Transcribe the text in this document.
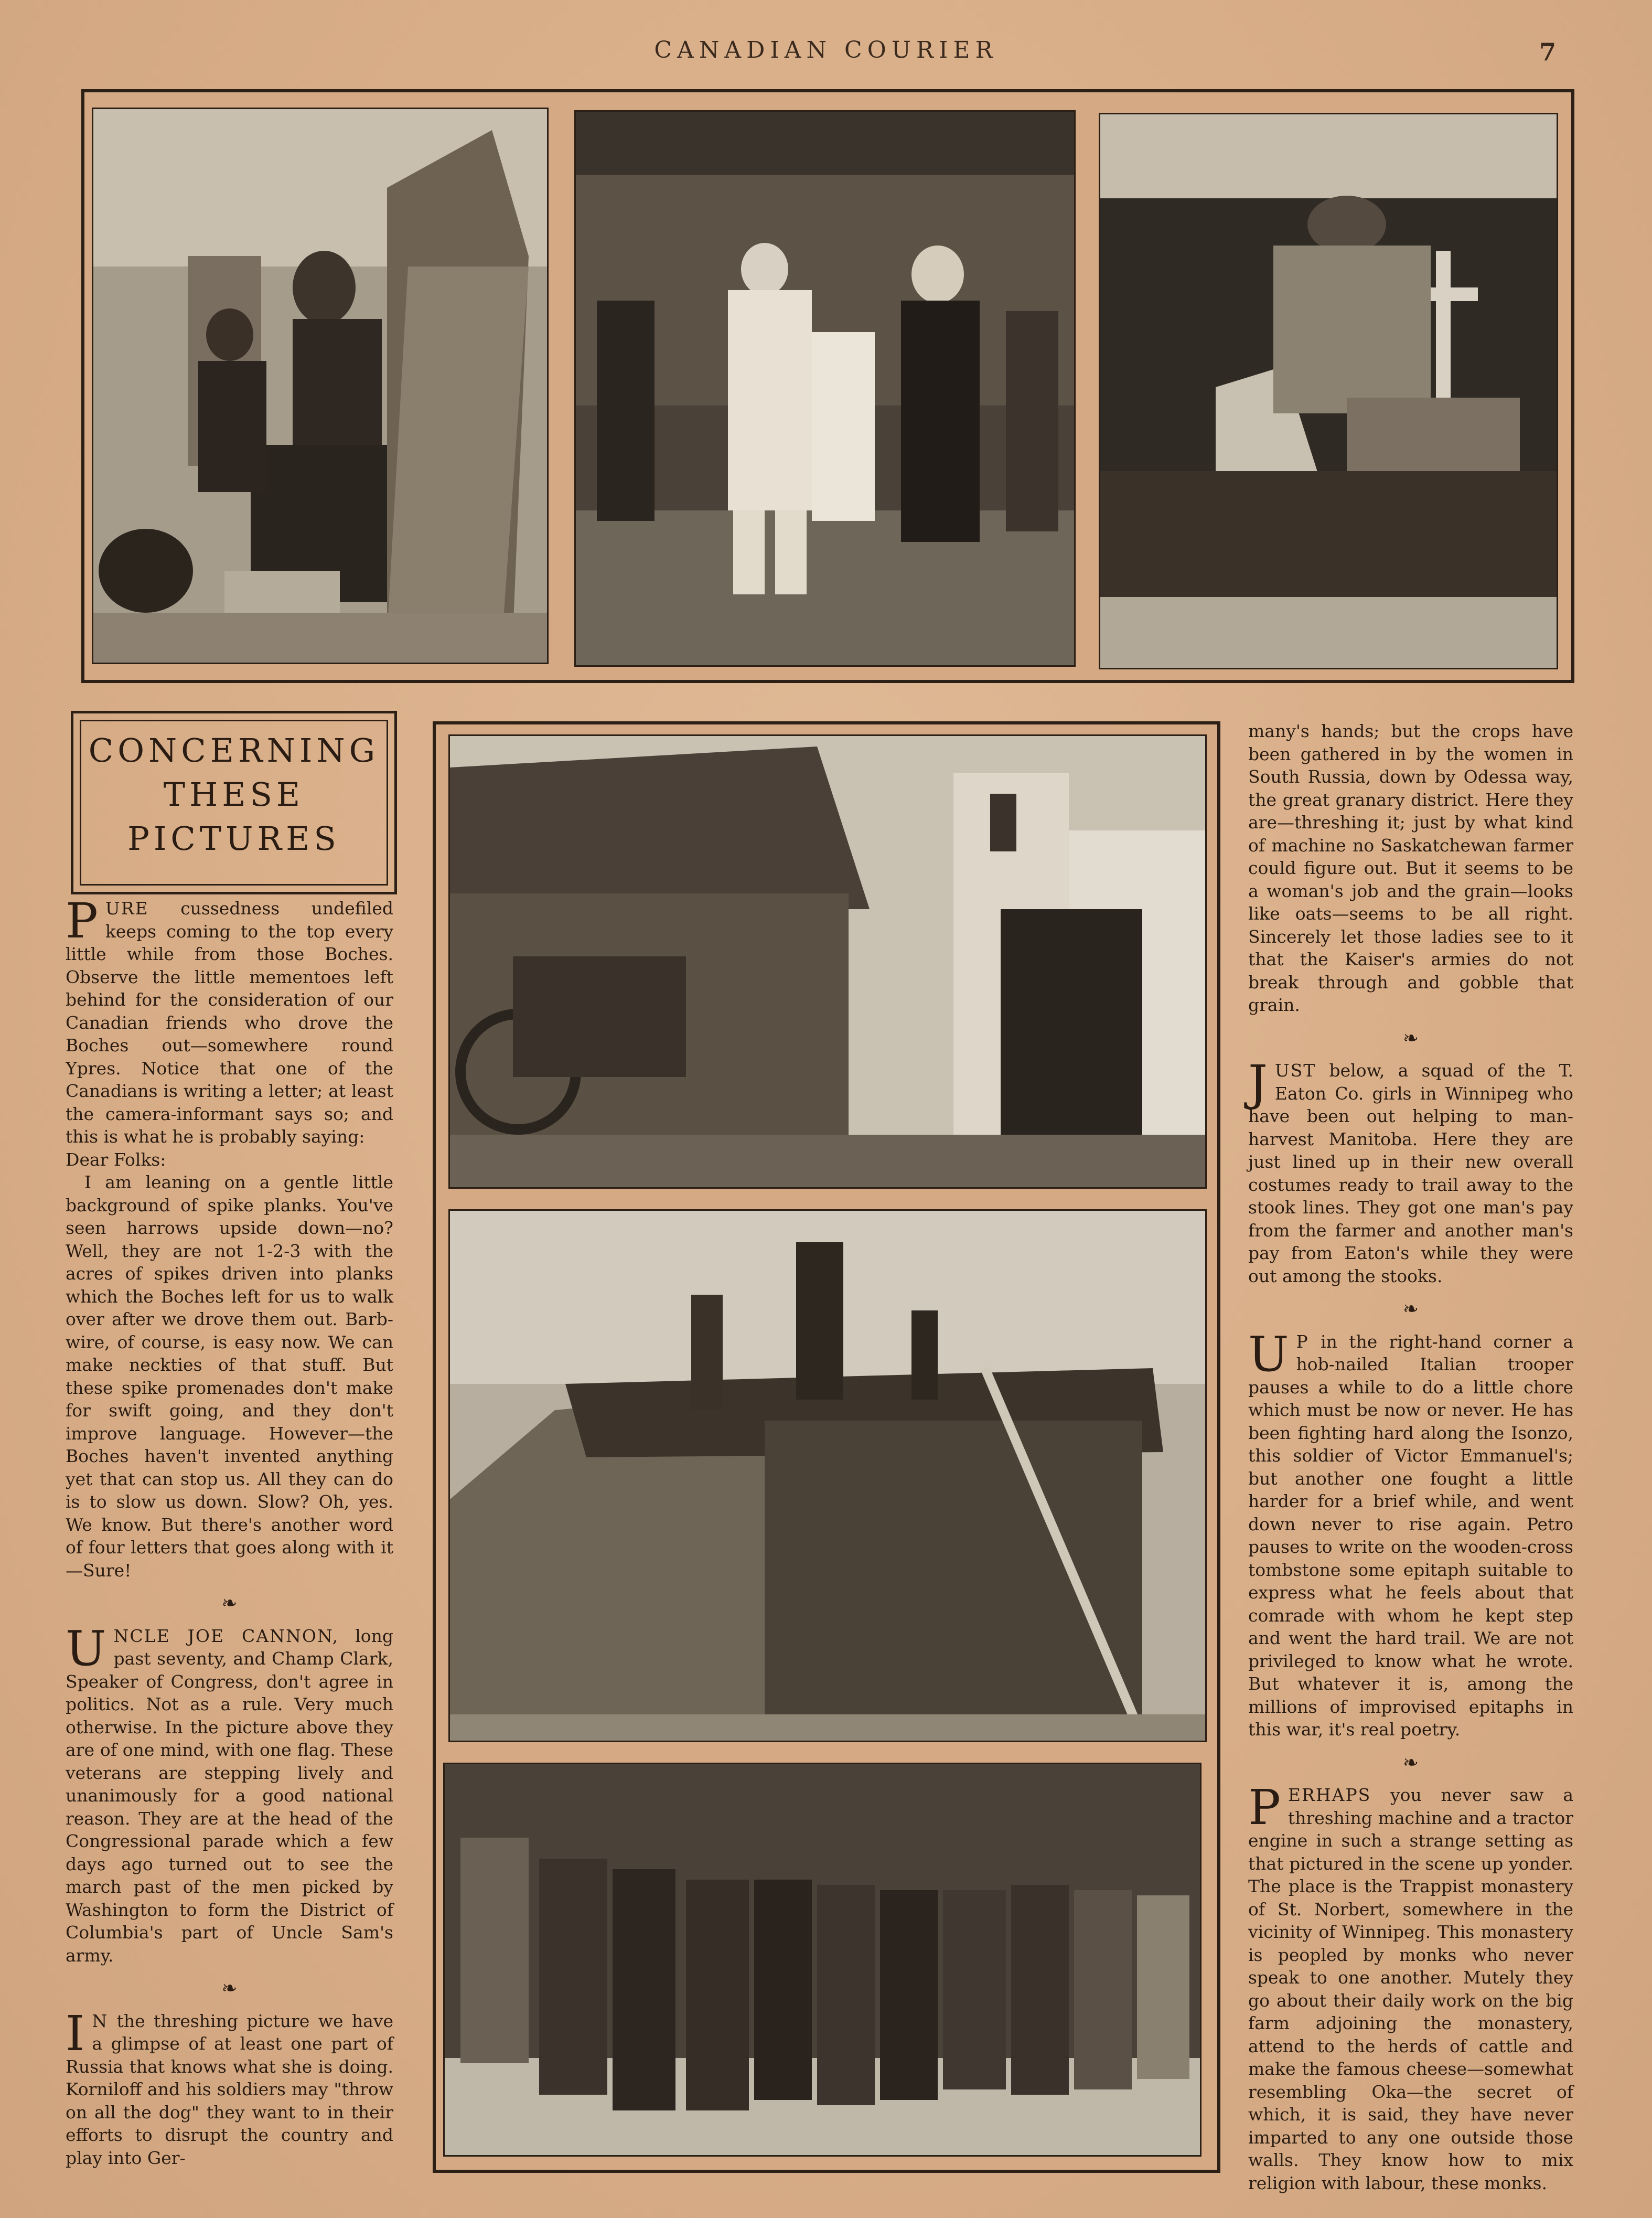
CANADIAN COURIER	7
CONCERNING
THESE
PICTURES

PURE cussedness undefiled keeps coming to the top every little while from those Boches. Observe the little mementoes left behind for the consideration of our Canadian friends who drove the Boches out—somewhere round Ypres. Notice that one of the Canadians is writing a letter; at least the camera-informant says so; and this is what he is probably saying:

Dear Folks:

I am leaning on a gentle little background of spike planks. You've seen harrows upside down—no? Well, they are not 1-2-3 with the acres of spikes driven into planks which the Boches left for us to walk over after we drove them out. Barb-wire, of course, is easy now. We can make neckties of that stuff. But these spike promenades don't make for swift going, and they don't improve language. However—the Boches haven't invented anything yet that can stop us. All they can do is to slow us down. Slow? Oh, yes. We know. But there's another word of four letters that goes along with it—Sure!

❧

UNCLE JOE CANNON, long past seventy, and Champ Clark, Speaker of Congress, don't agree in politics. Not as a rule. Very much otherwise. In the picture above they are of one mind, with one flag. These veterans are stepping lively and unanimously for a good national reason. They are at the head of the Congressional parade which a few days ago turned out to see the march past of the men picked by Washington to form the District of Columbia's part of Uncle Sam's army.

❧

I N the threshing picture we have a glimpse of at least one part of Russia that knows what she is doing. Korniloff and his soldiers may "throw on all the dog" they want to in their efforts to disrupt the country and play into Ger-

many's hands; but the crops have been gathered in by the women in South Russia, down by Odessa way, the great granary district. Here they are—threshing it; just by what kind of machine no Saskatchewan farmer could figure out. But it seems to be a woman's job and the grain—looks like oats—seems to be all right. Sincerely let those ladies see to it that the Kaiser's armies do not break through and gobble that grain.

❧

JUST below, a squad of the T. Eaton Co. girls in Winnipeg who have been out helping to man-harvest Manitoba. Here they are just lined up in their new overall costumes ready to trail away to the stook lines. They got one man's pay from the farmer and another man's pay from Eaton's while they were out among the stooks.

❧

U P in the right-hand corner a hob-nailed Italian trooper pauses a while to do a little chore which must be now or never. He has been fighting hard along the Isonzo, this soldier of Victor Emmanuel's; but another one fought a little harder for a brief while, and went down never to rise again. Petro pauses to write on the wooden-cross tombstone some epitaph suitable to express what he feels about that comrade with whom he kept step and went the hard trail. We are not privileged to know what he wrote. But whatever it is, among the millions of improvised epitaphs in this war, it's real poetry.

❧

PERHAPS you never saw a threshing machine and a tractor engine in such a strange setting as that pictured in the scene up yonder. The place is the Trappist monastery of St. Norbert, somewhere in the vicinity of Winnipeg. This monastery is peopled by monks who never speak to one another. Mutely they go about their daily work on the big farm adjoining the monastery, attend to the herds of cattle and make the famous cheese—somewhat resembling Oka—the secret of which, it is said, they have never imparted to any one outside those walls. They know how to mix religion with labour, these monks.
